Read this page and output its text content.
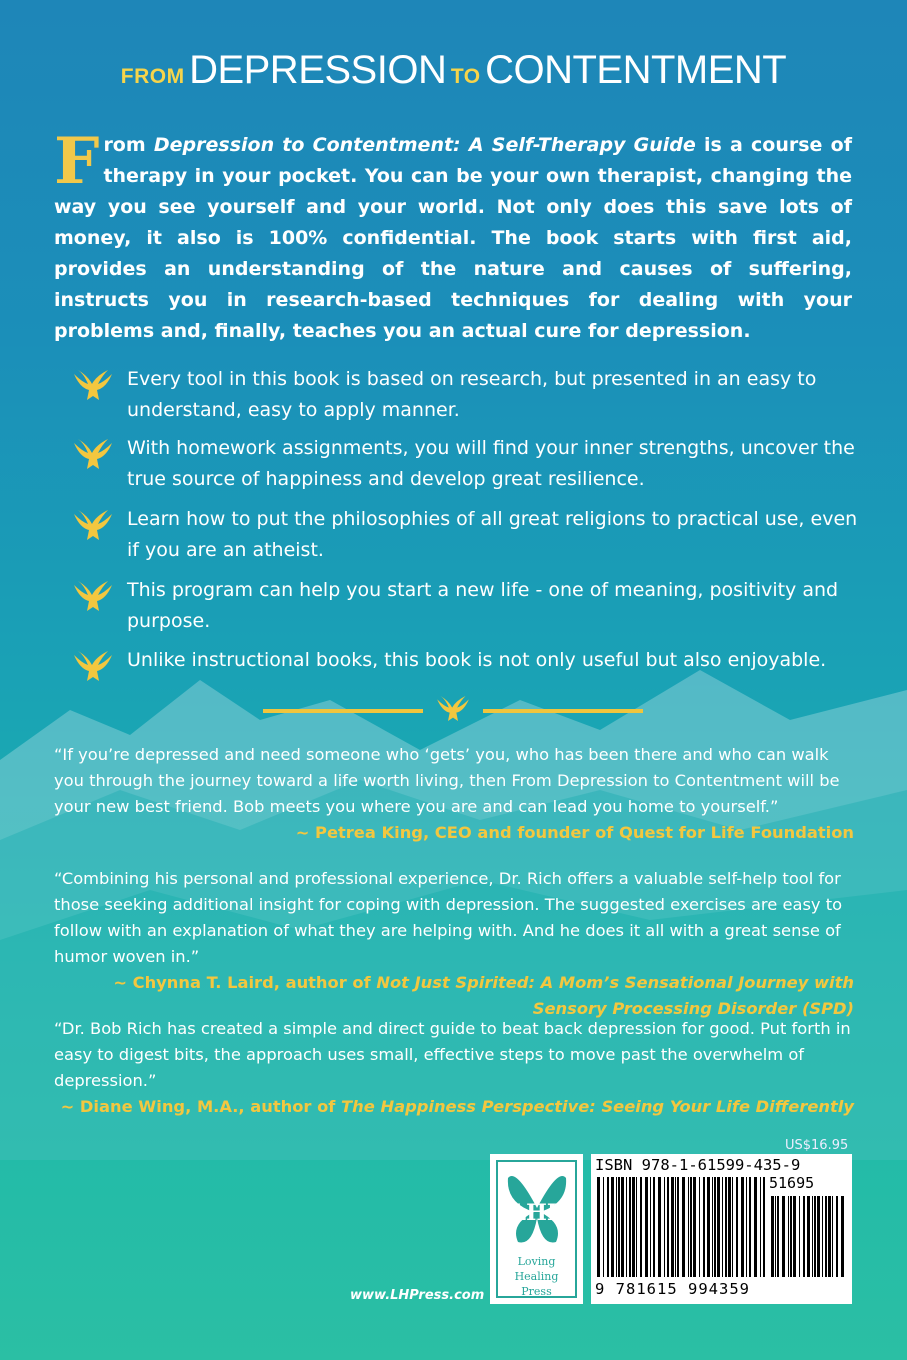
FROM DEPRESSION TO CONTENTMENT
From Depression to Contentment: A Self-Therapy Guide is a course of therapy in your pocket. You can be your own therapist, changing the way you see yourself and your world. Not only does this save lots of money, it also is 100% confidential. The book starts with first aid, provides an understanding of the nature and causes of suffering, instructs you in research-based techniques for dealing with your problems and, finally, teaches you an actual cure for depression.
Every tool in this book is based on research, but presented in an easy to understand, easy to apply manner.
With homework assignments, you will find your inner strengths, uncover the true source of happiness and develop great resilience.
Learn how to put the philosophies of all great religions to practical use, even if you are an atheist.
This program can help you start a new life - one of meaning, positivity and purpose.
Unlike instructional books, this book is not only useful but also enjoyable.
“If you’re depressed and need someone who ‘gets’ you, who has been there and who can walk you through the journey toward a life worth living, then From Depression to Contentment will be your new best friend. Bob meets you where you are and can lead you home to yourself.”
~ Petrea King, CEO and founder of Quest for Life Foundation
“Combining his personal and professional experience, Dr. Rich offers a valuable self-help tool for those seeking additional insight for coping with depression. The suggested exercises are easy to follow with an explanation of what they are helping with. And he does it all with a great sense of humor woven in.”
~ Chynna T. Laird, author of Not Just Spirited: A Mom’s Sensational Journey with Sensory Processing Disorder (SPD)
“Dr. Bob Rich has created a simple and direct guide to beat back depression for good. Put forth in easy to digest bits, the approach uses small, effective steps to move past the overwhelm of depression.”
~ Diane Wing, M.A., author of The Happiness Perspective: Seeing Your Life Differently
US$16.95
LHP
Loving Healing Press
ISBN 978-1-61599-435-9
51695
9 781615 994359
www.LHPress.com
